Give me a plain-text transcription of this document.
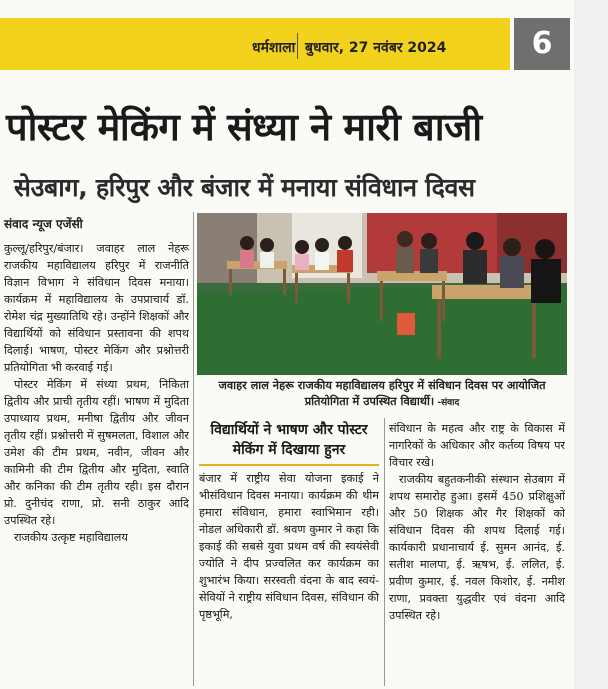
धर्मशाला बुधवार, 27 नवंबर 2024	6
पोस्टर मेकिंग में संध्या ने मारी बाजी
सेउबाग, हरिपुर और बंजार में मनाया संविधान दिवस
संवाद न्यूज एजेंसी

कुल्लू/हरिपुर/बंजार। जवाहर लाल नेहरू राजकीय महाविद्यालय हरिपुर में राजनीति विज्ञान विभाग ने संविधान दिवस मनाया। कार्यक्रम में महाविद्यालय के उपप्राचार्य डॉ. रोमेश चंद्र मुख्यातिथि रहे। उन्होंने शिक्षकों और विद्यार्थियों को संविधान प्रस्तावना की शपथ दिलाई। भाषण, पोस्टर मेकिंग और प्रश्नोत्तरी प्रतियोगिता भी करवाई गई।

पोस्टर मेकिंग में संध्या प्रथम, निकिता द्वितीय और प्राची तृतीय रहीं। भाषण में मुदिता उपाध्याय प्रथम, मनीषा द्वितीय और जीवन तृतीय रहीं। प्रश्नोत्तरी में सुषमलता, विशाल और उमेश की टीम प्रथम, नवीन, जीवन और कामिनी की टीम द्वितीय और मुदिता, स्वाति और कनिका की टीम तृतीय रही। इस दौरान प्रो. दुनीचंद राणा, प्रो. सनी ठाकुर आदि उपस्थित रहे।

राजकीय उत्कृष्ट महाविद्यालय

जवाहर लाल नेहरू राजकीय महाविद्यालय हरिपुर में संविधान दिवस पर आयोजित प्रतियोगिता में उपस्थित विद्यार्थी। -संवाद
विद्यार्थियों ने भाषण और पोस्टर मेकिंग में दिखाया हुनर

बंजार में राष्ट्रीय सेवा योजना इकाई ने भीसंविधान दिवस मनाया। कार्यक्रम की थीम हमारा संविधान, हमारा स्वाभिमान रही। नोडल अधिकारी डॉ. श्रवण कुमार ने कहा कि इकाई की सबसे युवा प्रथम वर्ष की स्वयंसेवी ज्योति ने दीप प्रज्वलित कर कार्यक्रम का शुभारंभ किया। सरस्वती वंदना के बाद स्वयं-सेवियों ने राष्ट्रीय संविधान दिवस, संविधान की पृष्ठभूमि,

संविधान के महत्व और राष्ट्र के विकास में नागरिकों के अधिकार और कर्तव्य विषय पर विचार रखे।

राजकीय बहुतकनीकी संस्थान सेउबाग में शपथ समारोह हुआ। इसमें 450 प्रशिक्षुओं और 50 शिक्षक और गैर शिक्षकों को संविधान दिवस की शपथ दिलाई गई। कार्यकारी प्रधानाचार्य ई. सुमन आनंद, ई. सतीश मालपा, ई. ऋषभ, ई. ललित, ई. प्रवीण कुमार, ई. नवल किशोर, ई. नमीश राणा, प्रवक्ता युद्धवीर एवं वंदना आदि उपस्थित रहे।
